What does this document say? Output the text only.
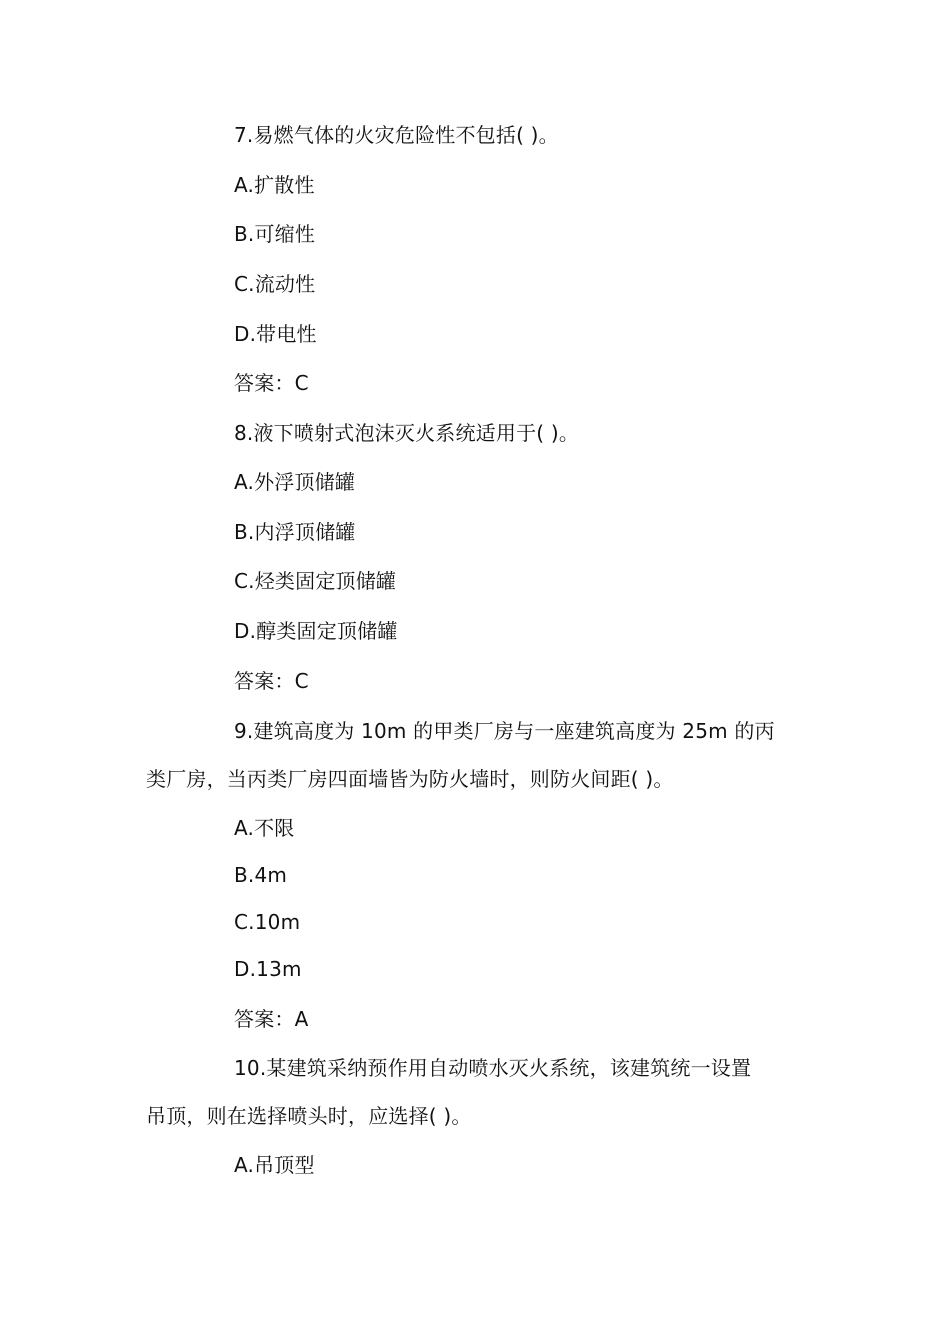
7.易燃气体的火灾危险性不包括( )。
A.扩散性
B.可缩性
C.流动性
D.带电性
答案：C
8.液下喷射式泡沫灭火系统适用于( )。
A.外浮顶储罐
B.内浮顶储罐
C.烃类固定顶储罐
D.醇类固定顶储罐
答案：C
9.建筑高度为 10m 的甲类厂房与一座建筑高度为 25m 的丙
类厂房，当丙类厂房四面墙皆为防火墙时，则防火间距( )。
A.不限
B.4m
C.10m
D.13m
答案：A
10.某建筑采纳预作用自动喷水灭火系统，该建筑统一设置
吊顶，则在选择喷头时，应选择( )。
A.吊顶型
